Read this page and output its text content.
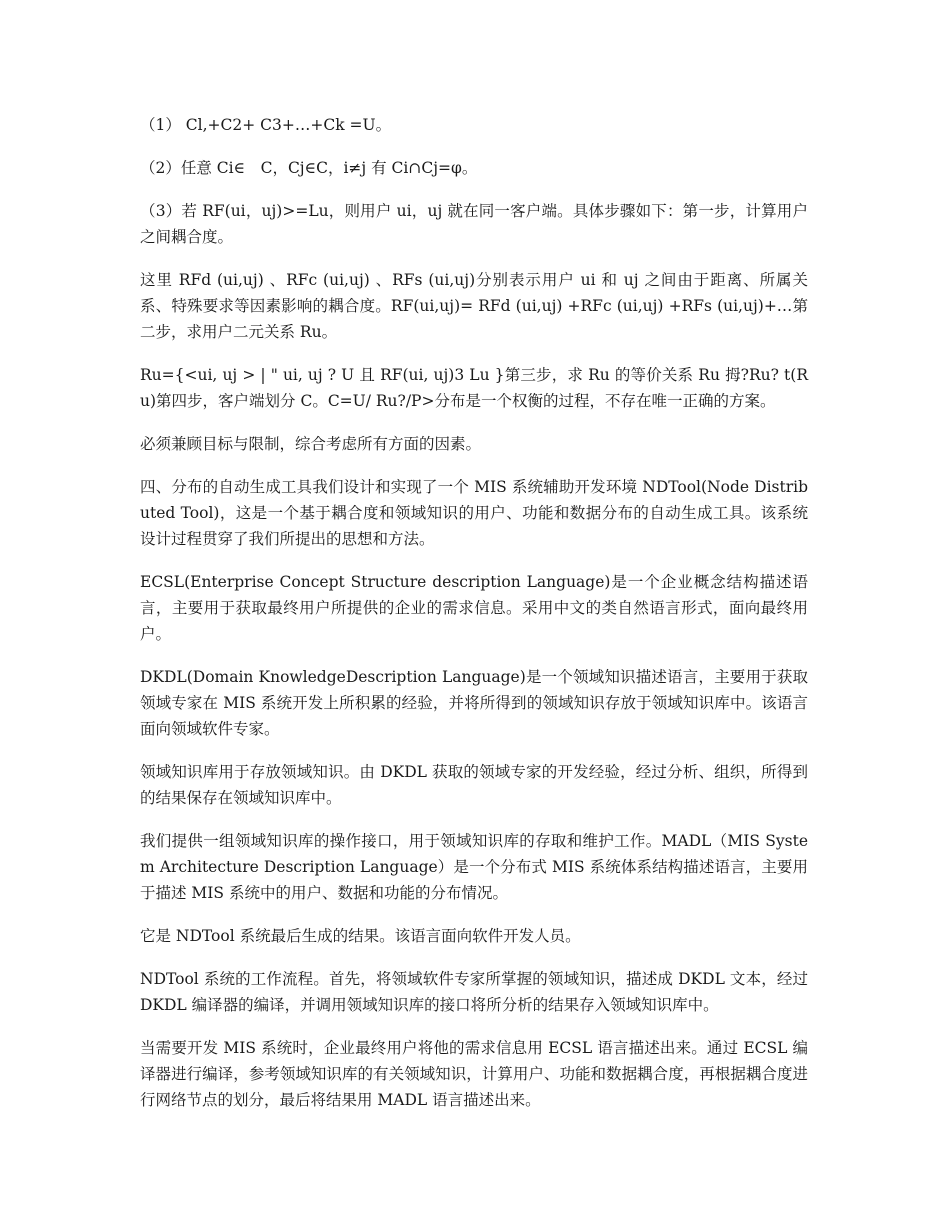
（1） Cl,+C2+ C3+…+Ck =U。

（2）任意 Ci∈　C，Cj∈C，i≠j 有 Ci∩Cj=φ。

（3）若 RF(ui，uj)>=Lu，则用户 ui，uj 就在同一客户端。具体步骤如下：第一步，计算用户之间耦合度。

这里 RFd (ui,uj) 、RFc (ui,uj) 、RFs (ui,uj)分别表示用户 ui 和 uj 之间由于距离、所属关系、特殊要求等因素影响的耦合度。RF(ui,uj)= RFd (ui,uj) +RFc (ui,uj) +RFs (ui,uj)+…第二步，求用户二元关系 Ru。

Ru={<ui, uj > | " ui, uj ? U 且 RF(ui, uj)3 Lu }第三步，求 Ru 的等价关系 Ru 拇?Ru? t(Ru)第四步，客户端划分 C。C=U/ Ru?/P>分布是一个权衡的过程，不存在唯一正确的方案。

必须兼顾目标与限制，综合考虑所有方面的因素。

四、分布的自动生成工具我们设计和实现了一个 MIS 系统辅助开发环境 NDTool(Node Distributed Tool)，这是一个基于耦合度和领域知识的用户、功能和数据分布的自动生成工具。该系统设计过程贯穿了我们所提出的思想和方法。

ECSL(Enterprise Concept Structure description Language)是一个企业概念结构描述语言，主要用于获取最终用户所提供的企业的需求信息。采用中文的类自然语言形式，面向最终用户。

DKDL(Domain KnowledgeDescription Language)是一个领域知识描述语言，主要用于获取领域专家在 MIS 系统开发上所积累的经验，并将所得到的领域知识存放于领域知识库中。该语言面向领域软件专家。

领域知识库用于存放领域知识。由 DKDL 获取的领域专家的开发经验，经过分析、组织，所得到的结果保存在领域知识库中。

我们提供一组领域知识库的操作接口，用于领域知识库的存取和维护工作。MADL（MIS System Architecture Description Language）是一个分布式 MIS 系统体系结构描述语言，主要用于描述 MIS 系统中的用户、数据和功能的分布情况。

它是 NDTool 系统最后生成的结果。该语言面向软件开发人员。

NDTool 系统的工作流程。首先，将领域软件专家所掌握的领域知识，描述成 DKDL 文本，经过 DKDL 编译器的编译，并调用领域知识库的接口将所分析的结果存入领域知识库中。

当需要开发 MIS 系统时，企业最终用户将他的需求信息用 ECSL 语言描述出来。通过 ECSL 编译器进行编译，参考领域知识库的有关领域知识，计算用户、功能和数据耦合度，再根据耦合度进行网络节点的划分，最后将结果用 MADL 语言描述出来。
